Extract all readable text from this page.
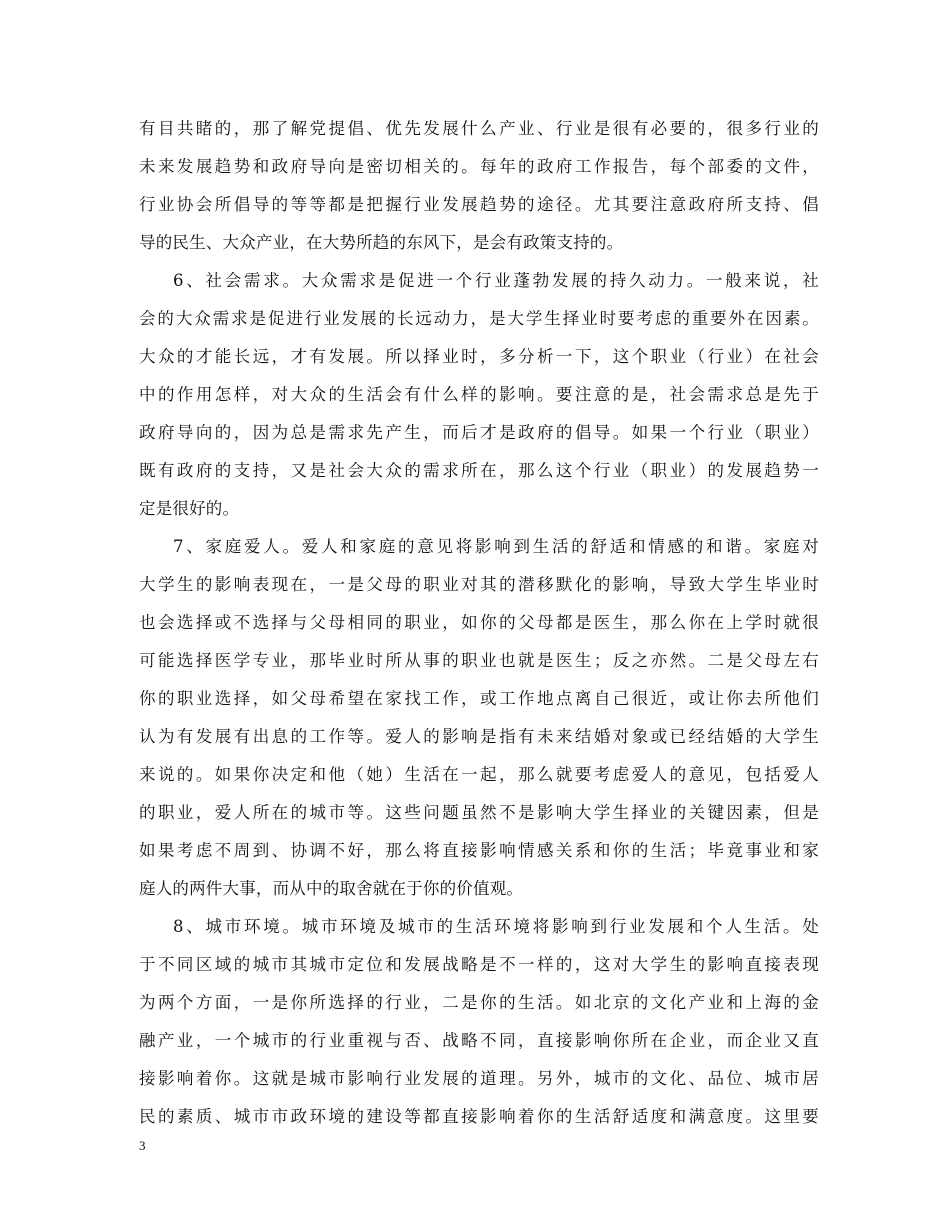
有目共睹的，那了解党提倡、优先发展什么产业、行业是很有必要的，很多行业的
未来发展趋势和政府导向是密切相关的。每年的政府工作报告，每个部委的文件，
行业协会所倡导的等等都是把握行业发展趋势的途径。尤其要注意政府所支持、倡
导的民生、大众产业，在大势所趋的东风下，是会有政策支持的。
6、社会需求。大众需求是促进一个行业蓬勃发展的持久动力。一般来说，社
会的大众需求是促进行业发展的长远动力，是大学生择业时要考虑的重要外在因素。
大众的才能长远，才有发展。所以择业时，多分析一下，这个职业（行业）在社会
中的作用怎样，对大众的生活会有什么样的影响。要注意的是，社会需求总是先于
政府导向的，因为总是需求先产生，而后才是政府的倡导。如果一个行业（职业）
既有政府的支持，又是社会大众的需求所在，那么这个行业（职业）的发展趋势一
定是很好的。
7、家庭爱人。爱人和家庭的意见将影响到生活的舒适和情感的和谐。家庭对
大学生的影响表现在，一是父母的职业对其的潜移默化的影响，导致大学生毕业时
也会选择或不选择与父母相同的职业，如你的父母都是医生，那么你在上学时就很
可能选择医学专业，那毕业时所从事的职业也就是医生；反之亦然。二是父母左右
你的职业选择，如父母希望在家找工作，或工作地点离自己很近，或让你去所他们
认为有发展有出息的工作等。爱人的影响是指有未来结婚对象或已经结婚的大学生
来说的。如果你决定和他（她）生活在一起，那么就要考虑爱人的意见，包括爱人
的职业，爱人所在的城市等。这些问题虽然不是影响大学生择业的关键因素，但是
如果考虑不周到、协调不好，那么将直接影响情感关系和你的生活；毕竟事业和家
庭人的两件大事，而从中的取舍就在于你的价值观。
8、城市环境。城市环境及城市的生活环境将影响到行业发展和个人生活。处
于不同区域的城市其城市定位和发展战略是不一样的，这对大学生的影响直接表现
为两个方面，一是你所选择的行业，二是你的生活。如北京的文化产业和上海的金
融产业，一个城市的行业重视与否、战略不同，直接影响你所在企业，而企业又直
接影响着你。这就是城市影响行业发展的道理。另外，城市的文化、品位、城市居
民的素质、城市市政环境的建设等都直接影响着你的生活舒适度和满意度。这里要
3
